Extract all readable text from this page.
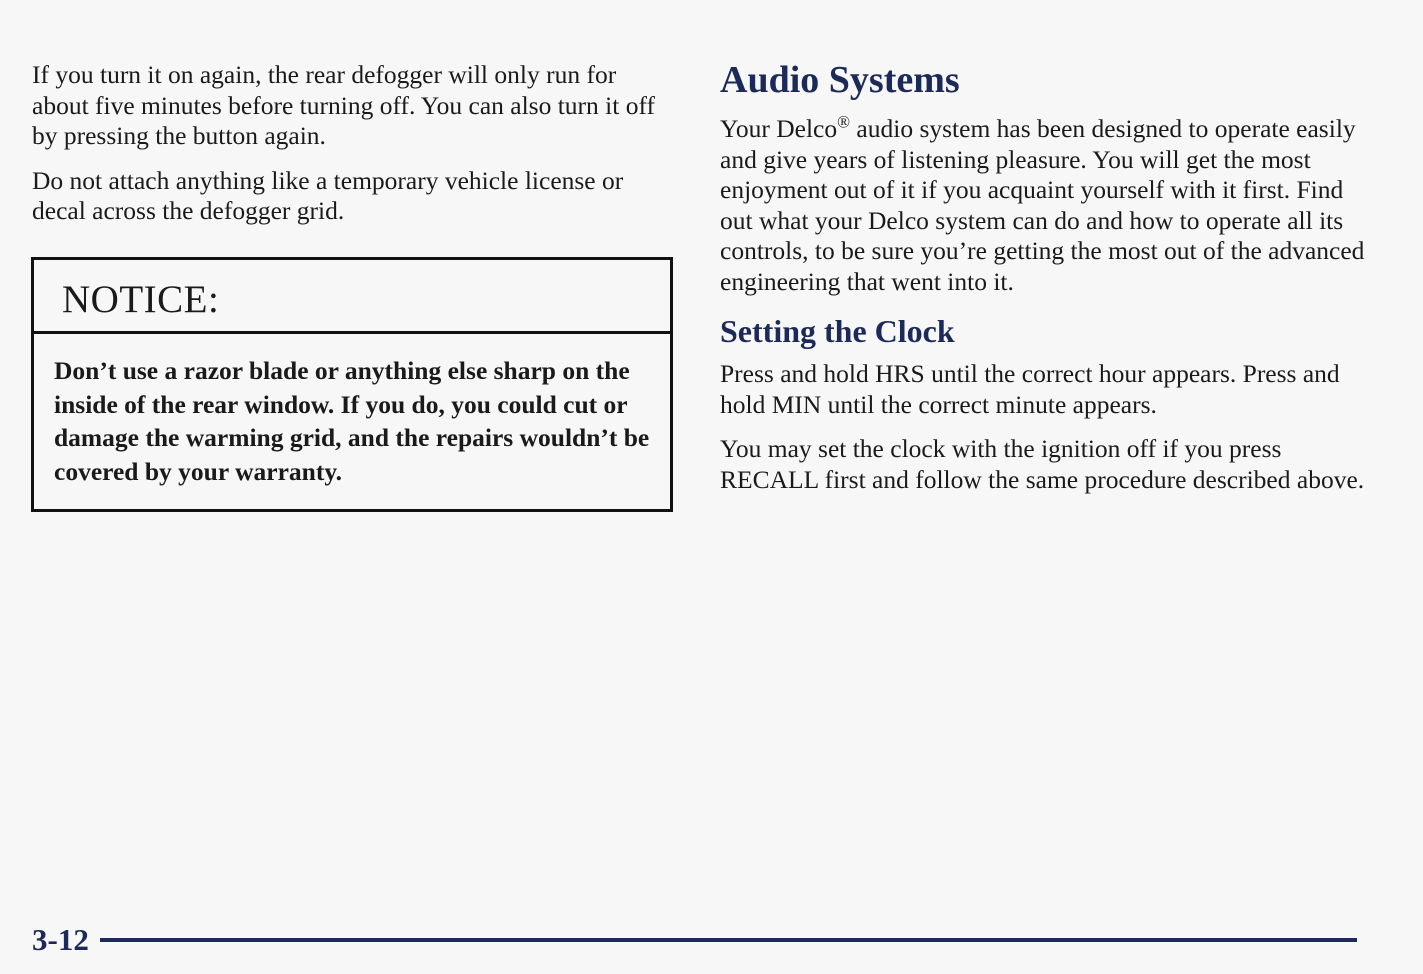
If you turn it on again, the rear defogger will only run for about five minutes before turning off. You can also turn it off by pressing the button again.

Do not attach anything like a temporary vehicle license or decal across the defogger grid.

NOTICE:
Don’t use a razor blade or anything else sharp on the inside of the rear window. If you do, you could cut or damage the warming grid, and the repairs wouldn’t be covered by your warranty.
Audio Systems

Your Delco® audio system has been designed to operate easily and give years of listening pleasure. You will get the most enjoyment out of it if you acquaint yourself with it first. Find out what your Delco system can do and how to operate all its controls, to be sure you’re getting the most out of the advanced engineering that went into it.

Setting the Clock

Press and hold HRS until the correct hour appears. Press and hold MIN until the correct minute appears.

You may set the clock with the ignition off if you press RECALL first and follow the same procedure described above.

3-12
